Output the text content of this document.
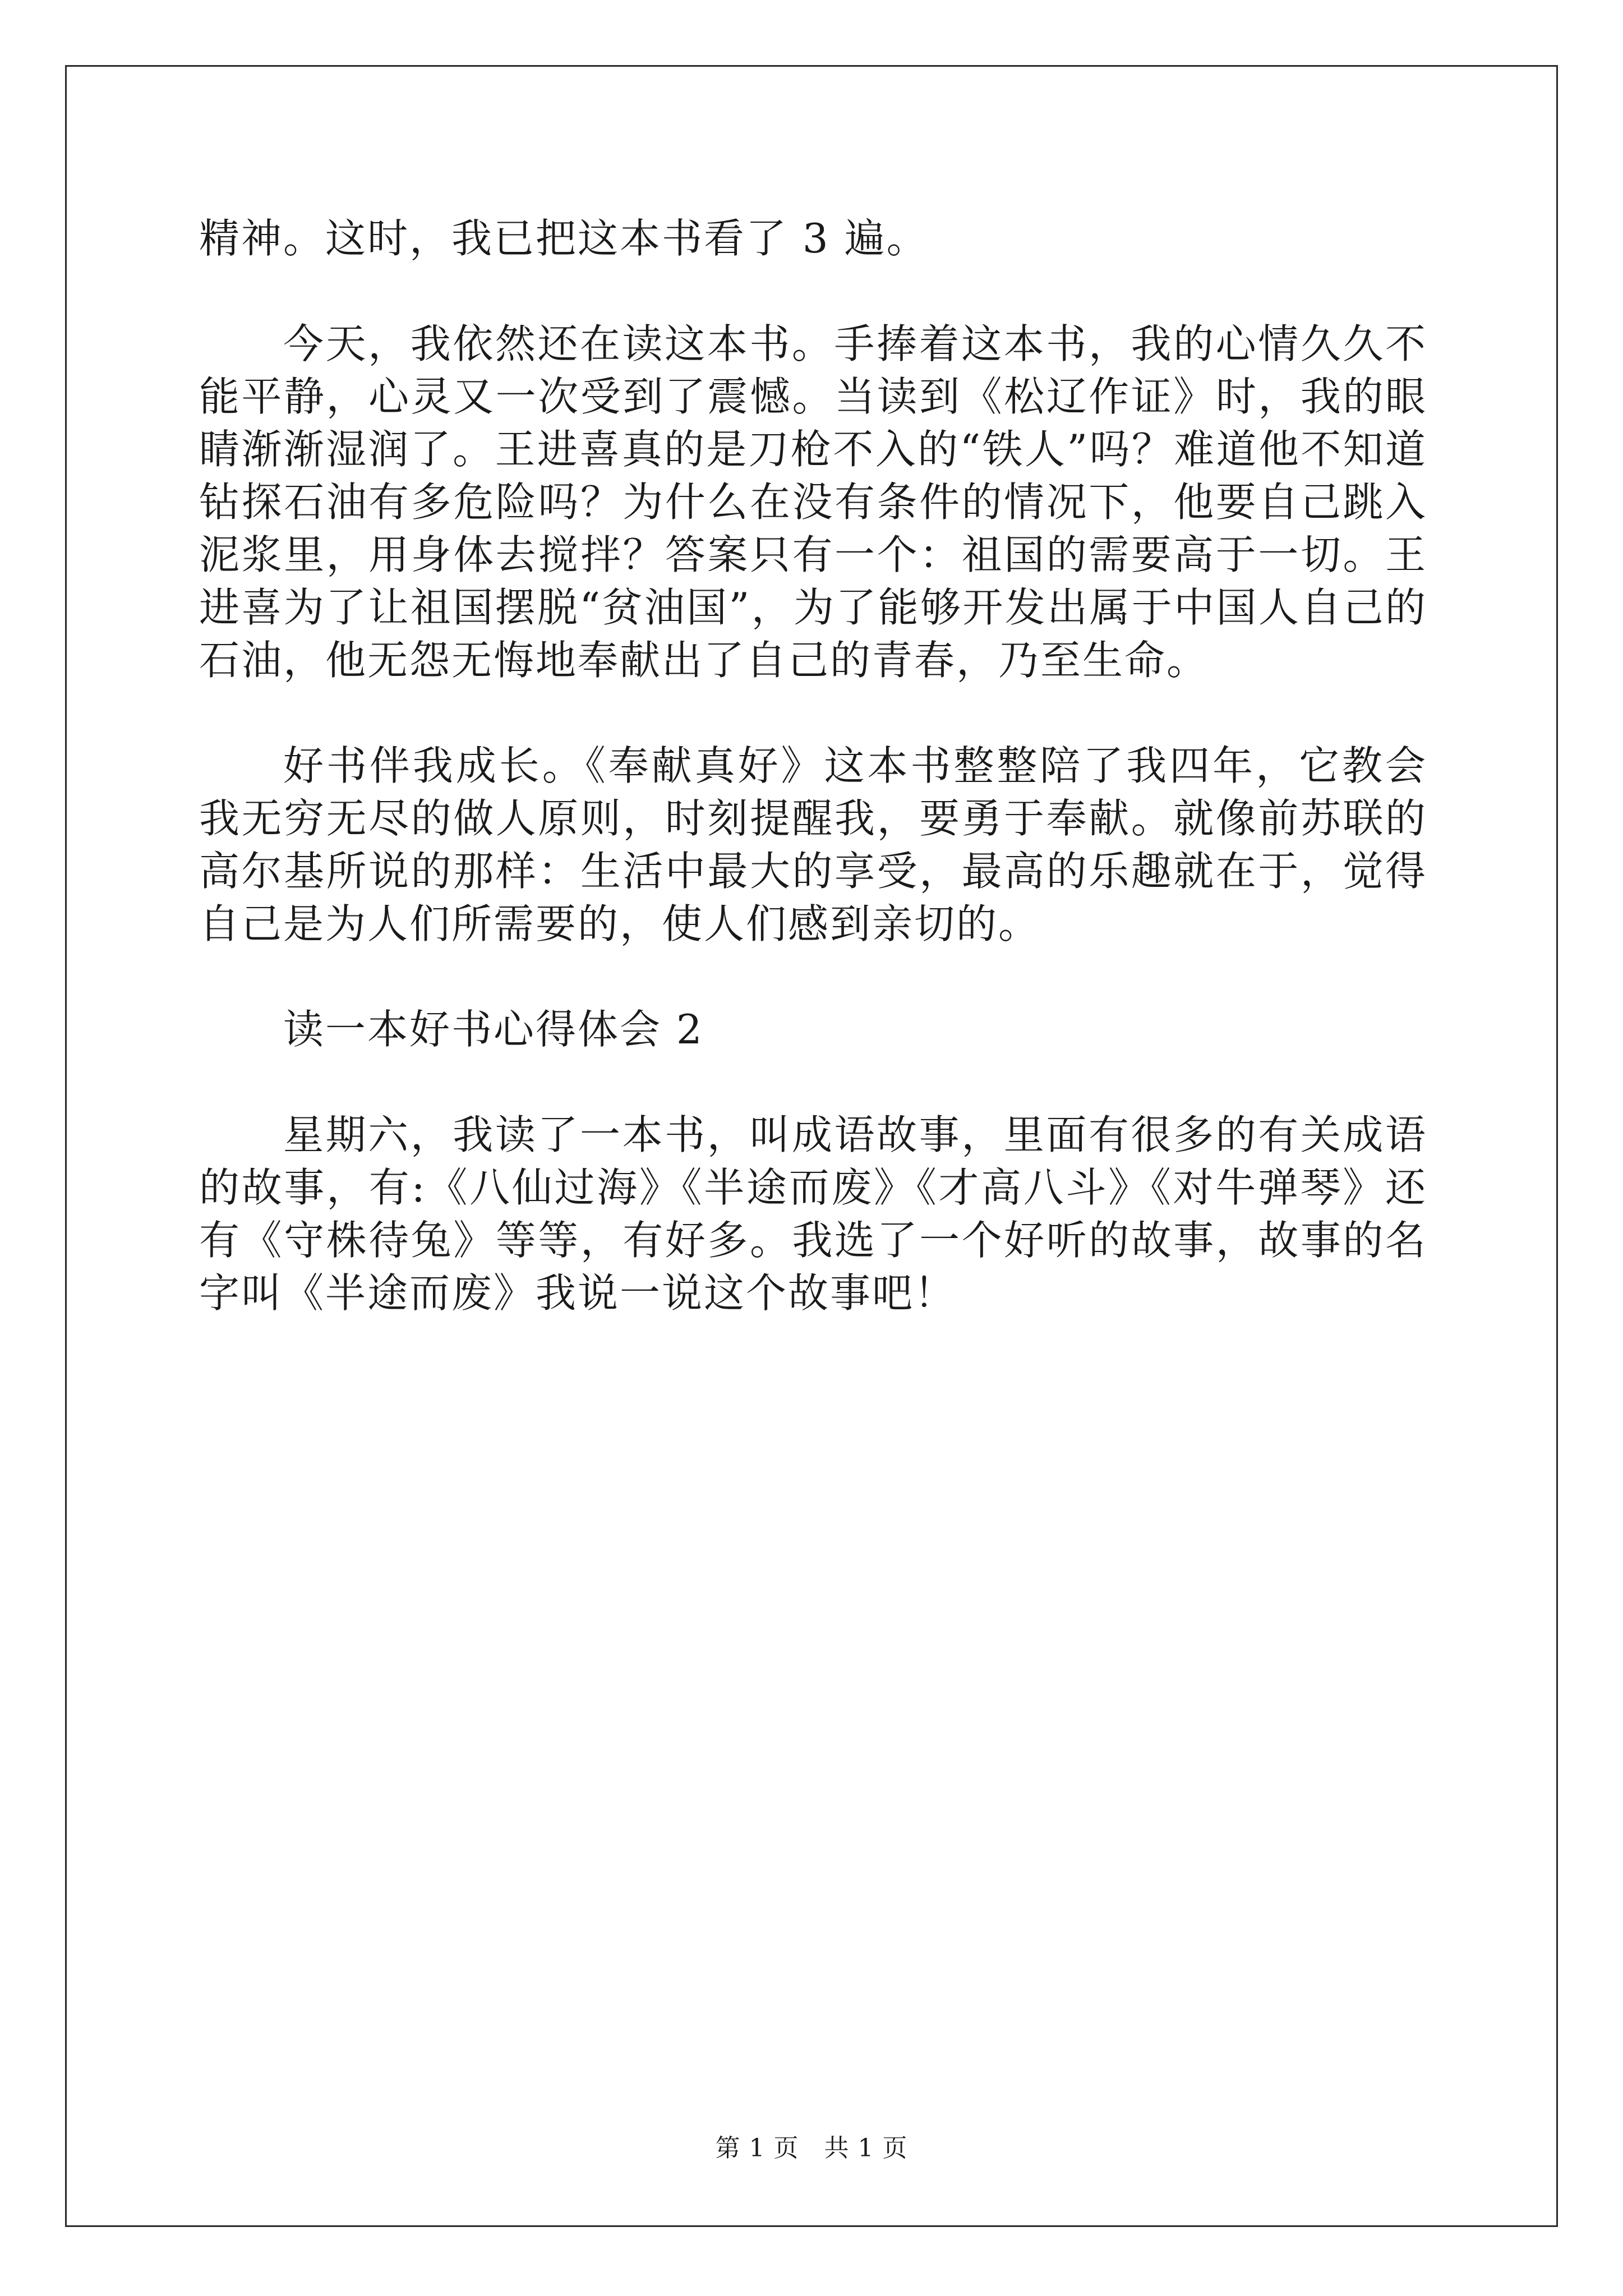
精神。这时，我已把这本书看了 3 遍。

今天，我依然还在读这本书。手捧着这本书，我的心情久久不能平静，心灵又一次受到了震憾。当读到《松辽作证》时，我的眼睛渐渐湿润了。王进喜真的是刀枪不入的“铁人”吗？难道他不知道钻探石油有多危险吗？为什么在没有条件的情况下，他要自己跳入泥浆里，用身体去搅拌？答案只有一个：祖国的需要高于一切。王进喜为了让祖国摆脱“贫油国”，为了能够开发出属于中国人自己的石油，他无怨无悔地奉献出了自己的青春，乃至生命。

好书伴我成长。《奉献真好》这本书整整陪了我四年，它教会我无穷无尽的做人原则，时刻提醒我，要勇于奉献。就像前苏联的高尔基所说的那样：生活中最大的享受，最高的乐趣就在于，觉得自己是为人们所需要的，使人们感到亲切的。

读一本好书心得体会 2

星期六，我读了一本书，叫成语故事，里面有很多的有关成语的故事，有:《八仙过海》《半途而废》《才高八斗》《对牛弹琴》还有《守株待兔》等等，有好多。我选了一个好听的故事，故事的名字叫《半途而废》我说一说这个故事吧！

第 1 页　共 1 页
